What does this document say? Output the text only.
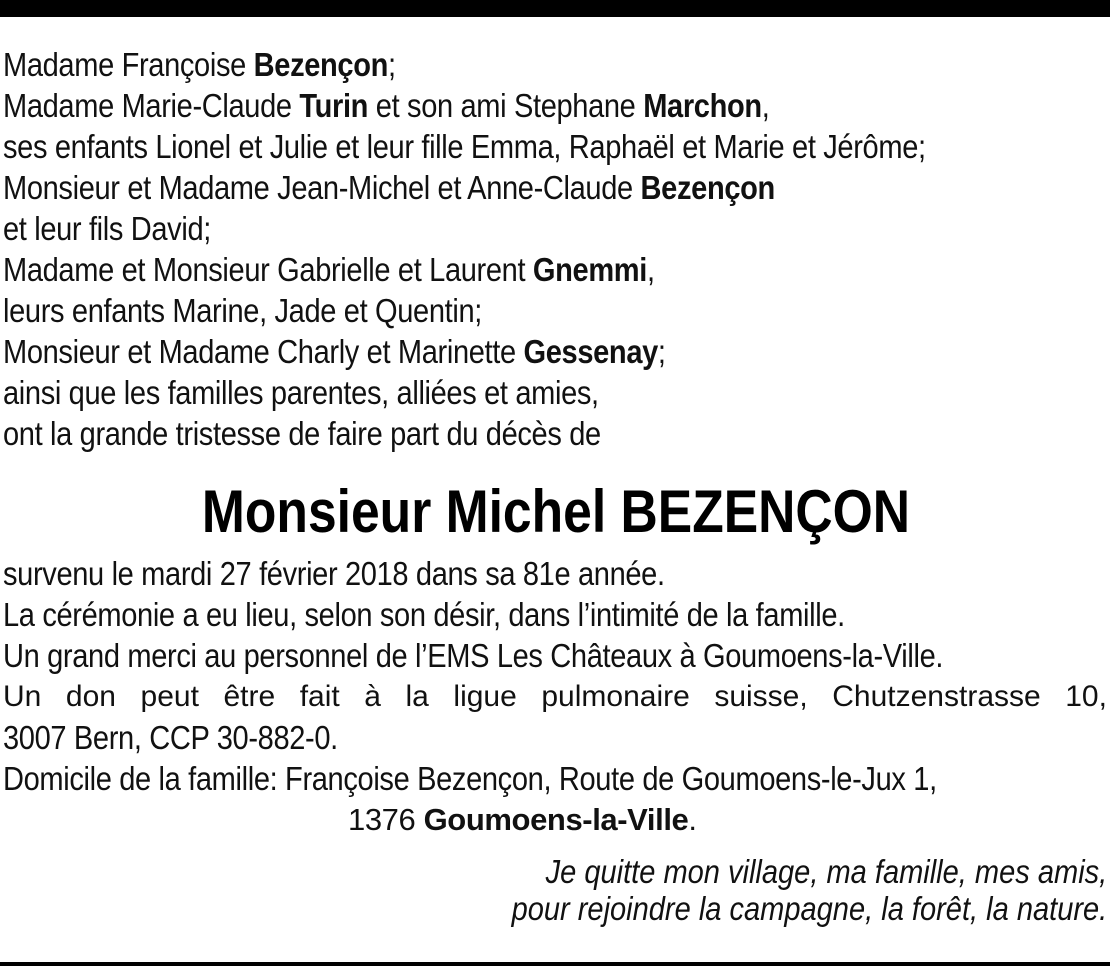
Madame Françoise Bezençon;
Madame Marie-Claude Turin et son ami Stephane Marchon,
ses enfants Lionel et Julie et leur fille Emma, Raphaël et Marie et Jérôme;
Monsieur et Madame Jean-Michel et Anne-Claude Bezençon
et leur fils David;
Madame et Monsieur Gabrielle et Laurent Gnemmi,
leurs enfants Marine, Jade et Quentin;
Monsieur et Madame Charly et Marinette Gessenay;
ainsi que les familles parentes, alliées et amies,
ont la grande tristesse de faire part du décès de
Monsieur Michel BEZENÇON
survenu le mardi 27 février 2018 dans sa 81e année.
La cérémonie a eu lieu, selon son désir, dans l’intimité de la famille.
Un grand merci au personnel de l’EMS Les Châteaux à Goumoens-la-Ville.
Un don peut être fait à la ligue pulmonaire suisse, Chutzenstrasse 10,
3007 Bern, CCP 30-882-0.
Domicile de la famille: Françoise Bezençon, Route de Goumoens-le-Jux 1,
1376 Goumoens-la-Ville.
Je quitte mon village, ma famille, mes amis,
pour rejoindre la campagne, la forêt, la nature.
